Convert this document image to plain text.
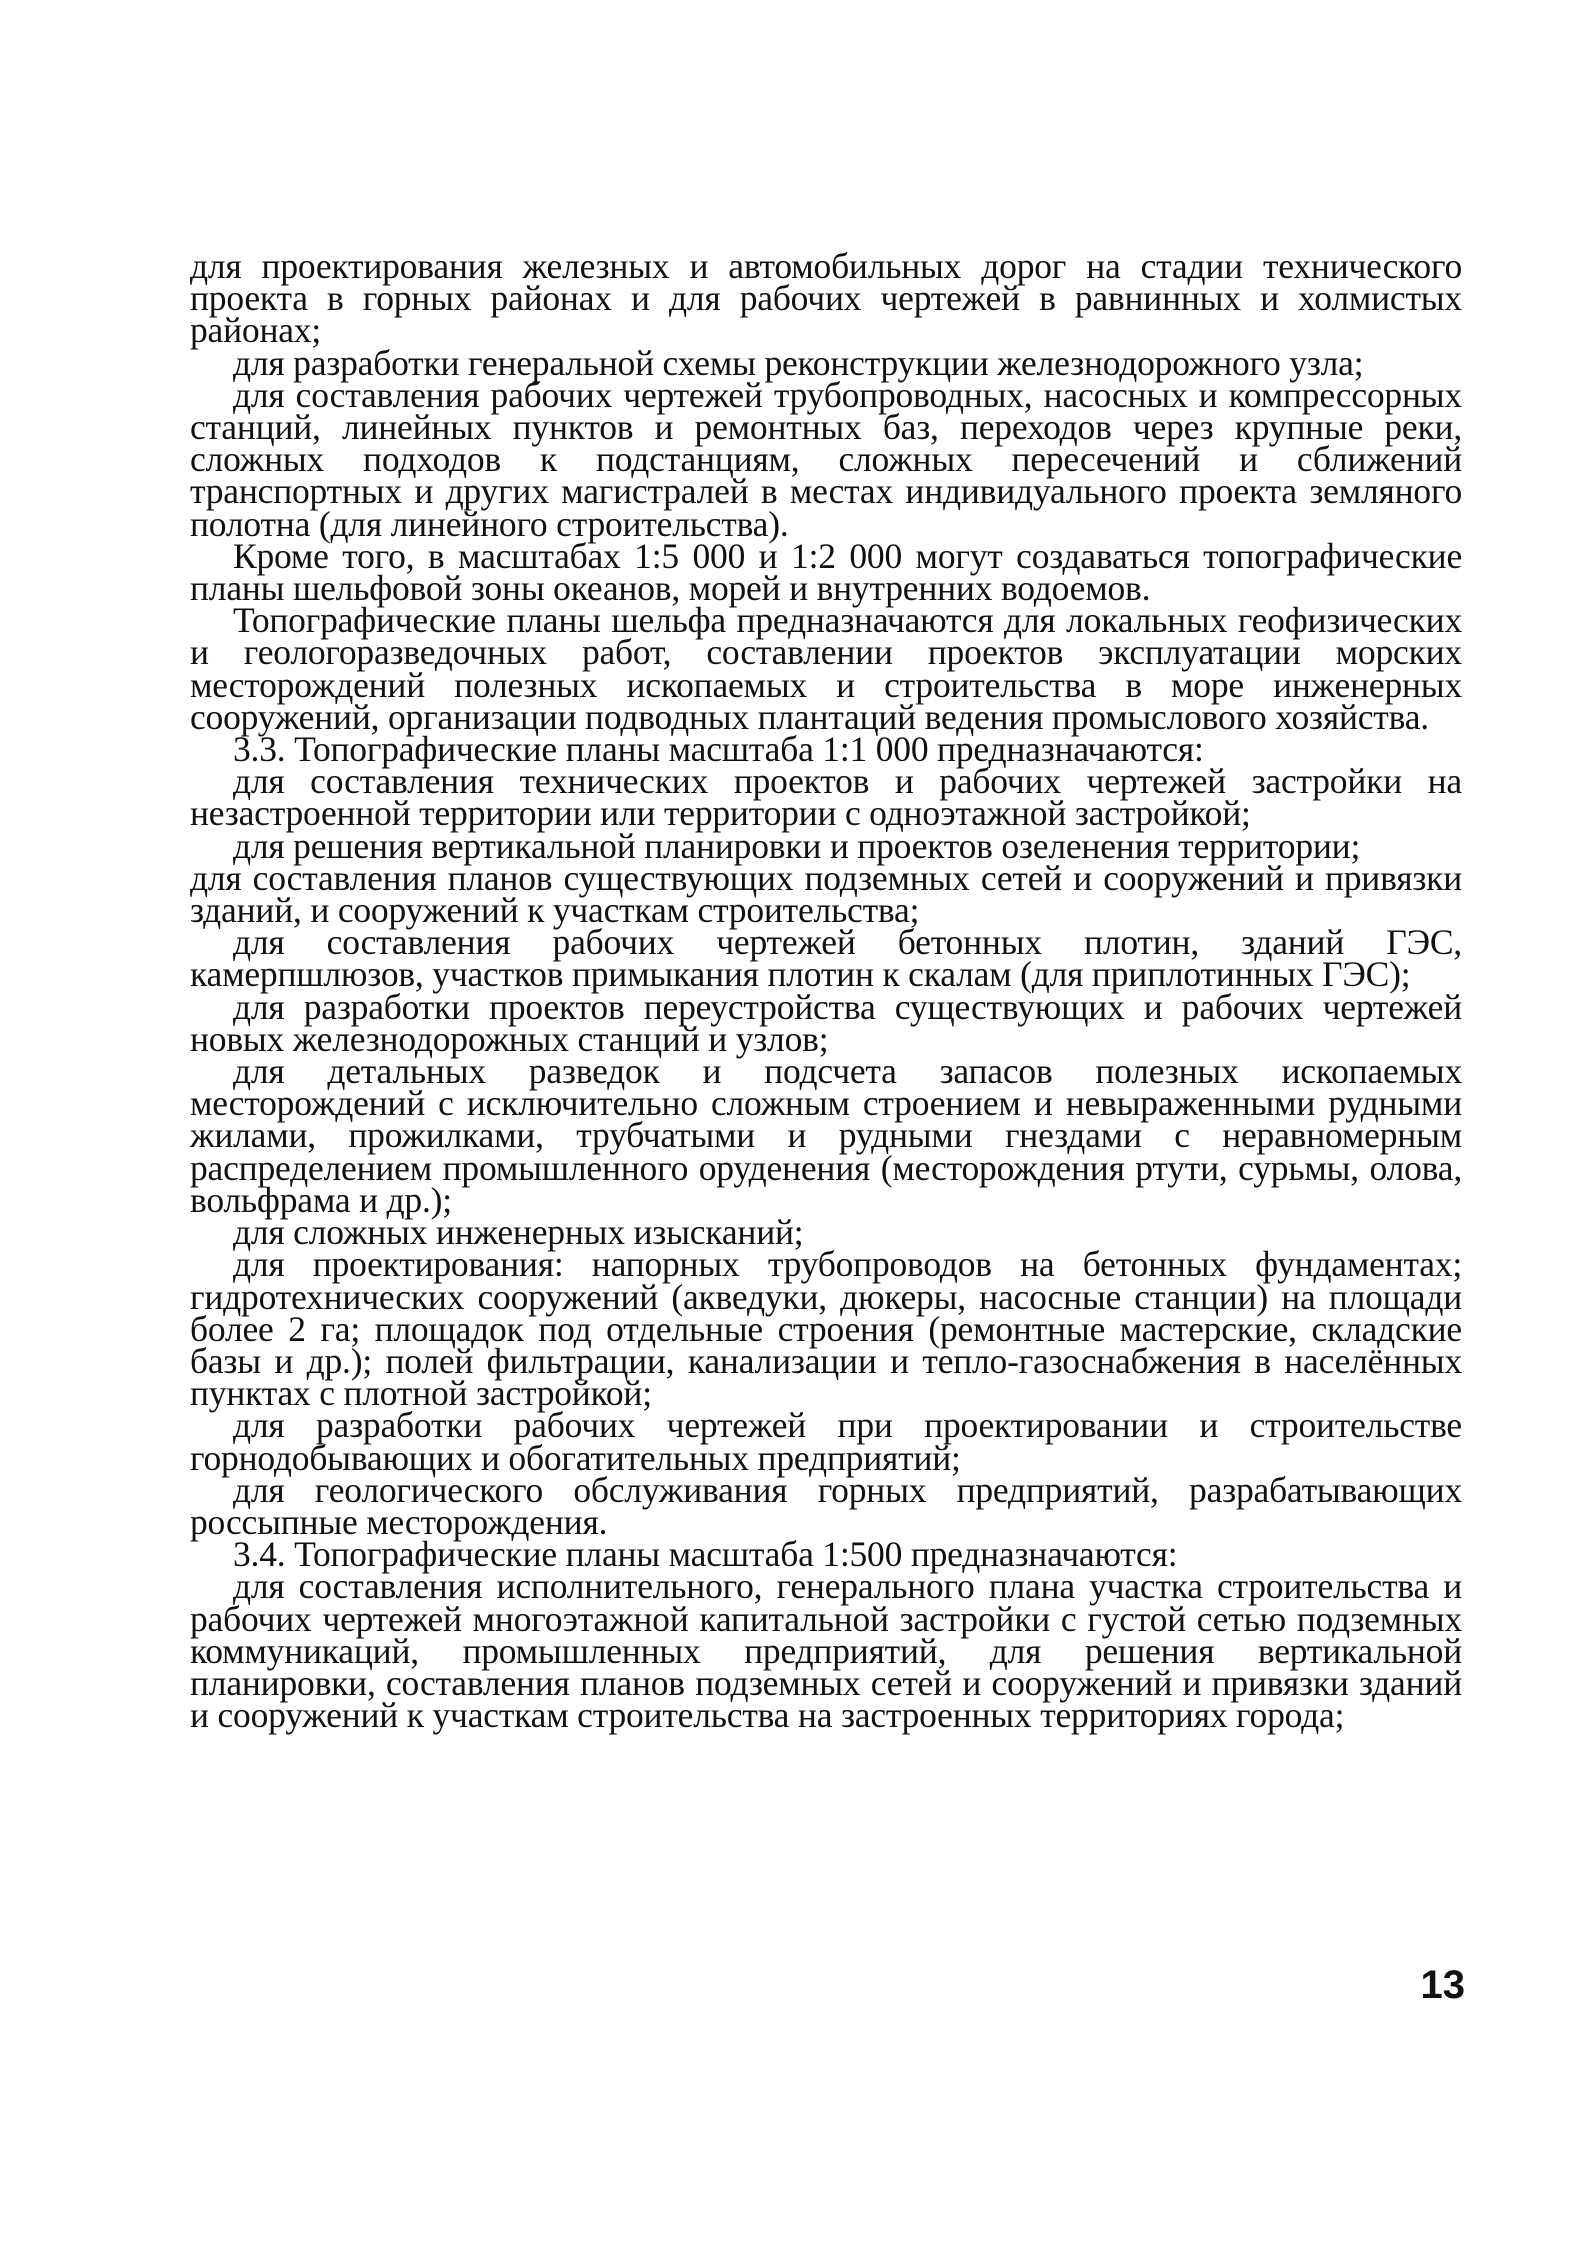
для проектирования железных и автомобильных дорог на стадии технического проекта в горных районах и для рабочих чертежей в равнинных и холмистых районах;

для разработки генеральной схемы реконструкции железнодорожного узла;

для составления рабочих чертежей трубопроводных, насосных и компрессорных станций, линейных пунктов и ремонтных баз, переходов через крупные реки, сложных подходов к подстанциям, сложных пересечений и сближений транспортных и других магистралей в местах индивидуального проекта земляного полотна (для линейного строительства).

Кроме того, в масштабах 1:5 000 и 1:2 000 могут создаваться топографические планы шельфовой зоны океанов, морей и внутренних водоемов.

Топографические планы шельфа предназначаются для локальных геофизических и геологоразведочных работ, составлении проектов эксплуатации морских месторождений полезных ископаемых и строительства в море инженерных сооружений, организации подводных плантаций ведения промыслового хозяйства.

3.3. Топографические планы масштаба 1:1 000 предназначаются:

для составления технических проектов и рабочих чертежей застройки на незастроенной территории или территории с одноэтажной застройкой;

для решения вертикальной планировки и проектов озеленения территории;

для составления планов существующих подземных сетей и сооружений и привязки зданий, и сооружений к участкам строительства;

для составления рабочих чертежей бетонных плотин, зданий ГЭС, камерпшлюзов, участков примыкания плотин к скалам (для приплотинных ГЭС);

для разработки проектов переустройства существующих и рабочих чертежей новых железнодорожных станций и узлов;

для детальных разведок и подсчета запасов полезных ископаемых месторождений с исключительно сложным строением и невыраженными рудными жилами, прожилками, трубчатыми и рудными гнездами с неравномерным распределением промышленного оруденения (месторождения ртути, сурьмы, олова, вольфрама и др.);

для сложных инженерных изысканий;

для проектирования: напорных трубопроводов на бетонных фундаментах; гидротехнических сооружений (акведуки, дюкеры, насосные станции) на площади более 2 га; площадок под отдельные строения (ремонтные мастерские, складские базы и др.); полей фильтрации, канализации и тепло-газоснабжения в населённых пунктах с плотной застройкой;

для разработки рабочих чертежей при проектировании и строительстве горнодобывающих и обогатительных предприятий;

для геологического обслуживания горных предприятий, разрабатывающих россыпные месторождения.

3.4. Топографические планы масштаба 1:500 предназначаются:

для составления исполнительного, генерального плана участка строительства и рабочих чертежей многоэтажной капитальной застройки с густой сетью подземных коммуникаций, промышленных предприятий, для решения вертикальной планировки, составления планов подземных сетей и сооружений и привязки зданий и сооружений к участкам строительства на застроенных территориях города;

13
